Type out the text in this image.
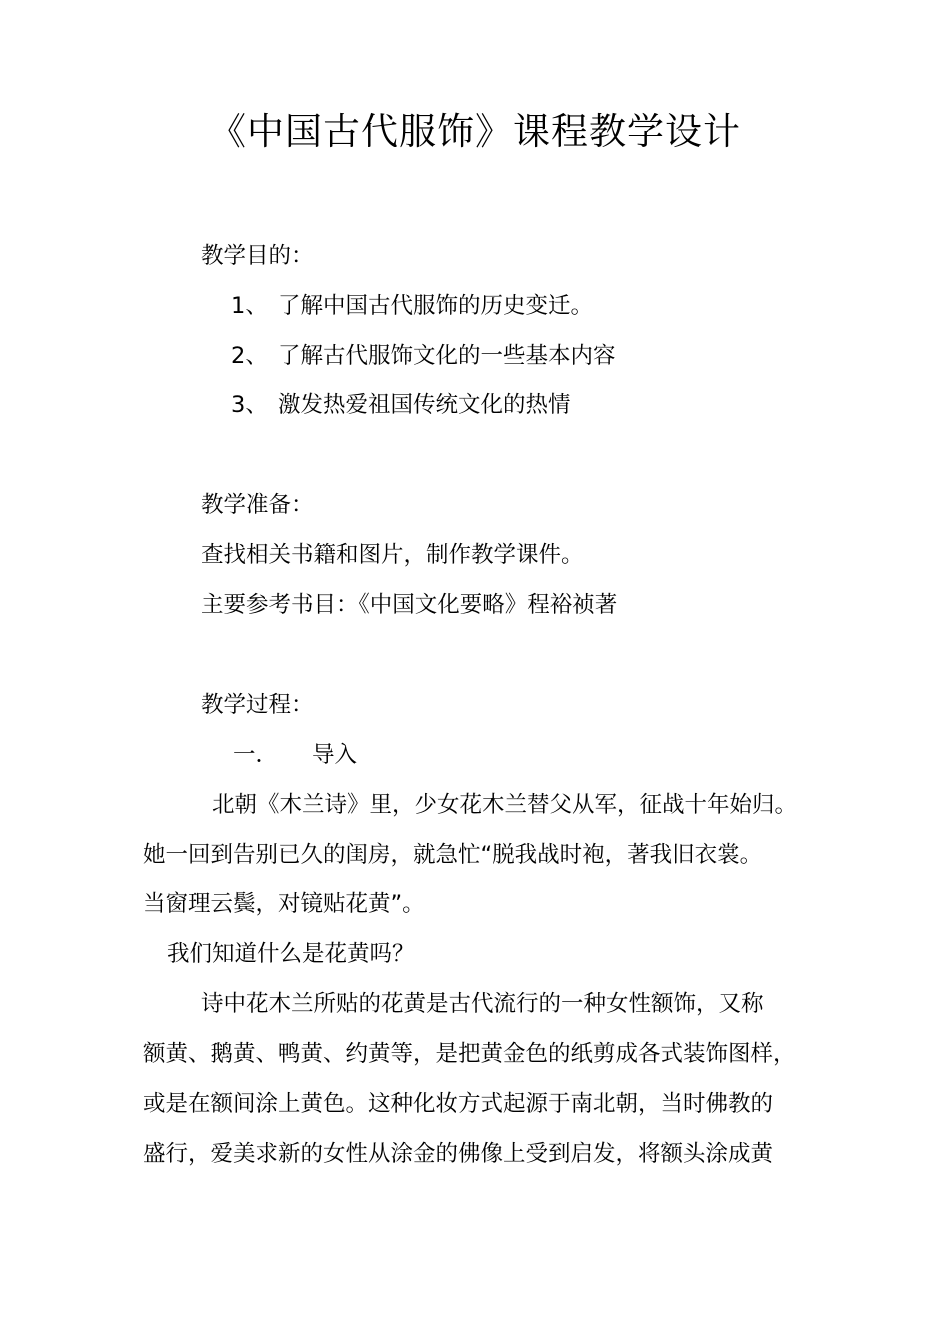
《中国古代服饰》课程教学设计
教学目的：
1、 了解中国古代服饰的历史变迁。
2、 了解古代服饰文化的一些基本内容
3、 激发热爱祖国传统文化的热情
教学准备：
查找相关书籍和图片，制作教学课件。
主要参考书目：《中国文化要略》程裕祯著
教学过程：
一． 导入
北朝《木兰诗》里，少女花木兰替父从军，征战十年始归。
她一回到告别已久的闺房，就急忙“脱我战时袍，著我旧衣裳。
当窗理云鬓，对镜贴花黄”。
我们知道什么是花黄吗？
诗中花木兰所贴的花黄是古代流行的一种女性额饰，又称
额黄、鹅黄、鸭黄、约黄等，是把黄金色的纸剪成各式装饰图样，
或是在额间涂上黄色。这种化妆方式起源于南北朝，当时佛教的
盛行，爱美求新的女性从涂金的佛像上受到启发，将额头涂成黄
